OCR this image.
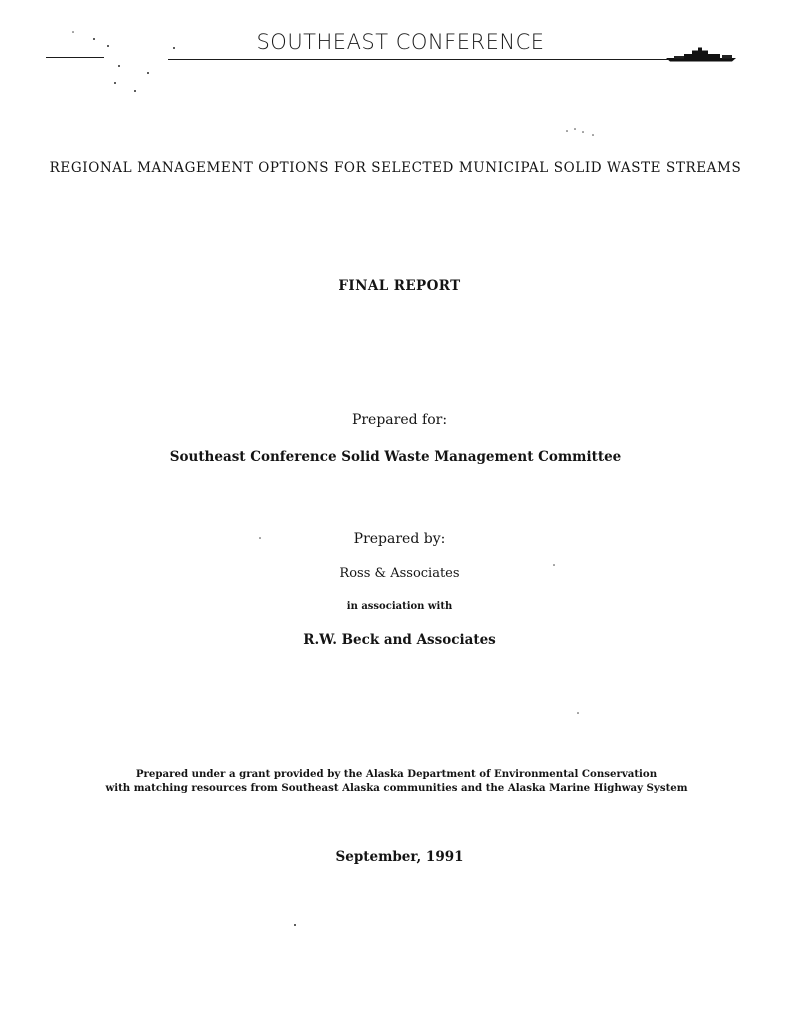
SOUTHEAST CONFERENCE
REGIONAL MANAGEMENT OPTIONS FOR SELECTED MUNICIPAL SOLID WASTE STREAMS
FINAL REPORT
Prepared for:
Southeast Conference Solid Waste Management Committee
Prepared by:
Ross & Associates
in association with
R.W. Beck and Associates
Prepared under a grant provided by the Alaska Department of Environmental Conservation
with matching resources from Southeast Alaska communities and the Alaska Marine Highway System
September, 1991
